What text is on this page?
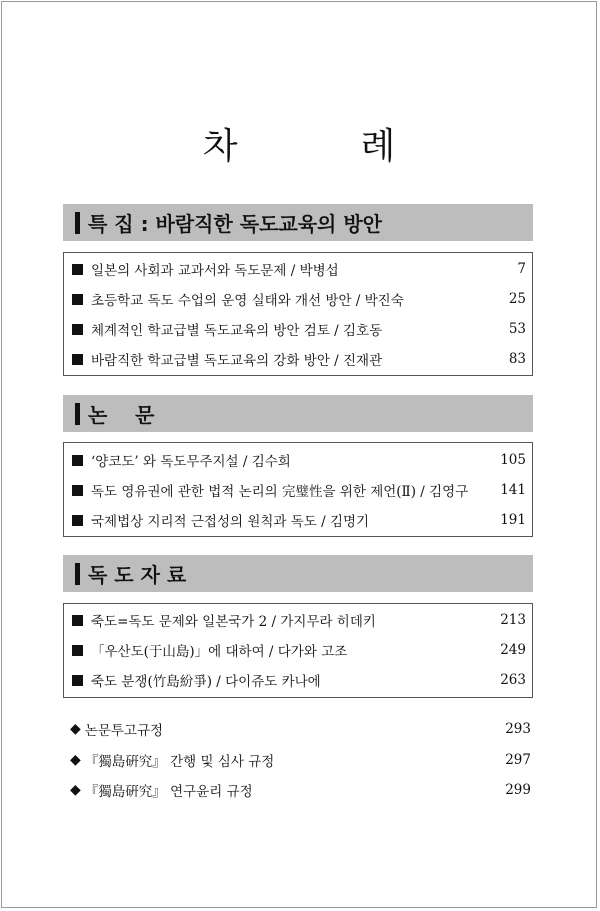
차         례
특 집 : 바람직한 독도교육의 방안
일본의 사회과 교과서와 독도문제 / 박병섭	7
초등학교 독도 수업의 운영 실태와 개선 방안 / 박진숙	25
체계적인 학교급별 독도교육의 방안 검토 / 김호동	53
바람직한 학교급별 독도교육의 강화 방안 / 진재관	83
논    문
‘양코도’ 와 독도무주지설 / 김수희	105
독도 영유권에 관한 법적 논리의 完璧性을 위한 제언(Ⅱ) / 김영구	141
국제법상 지리적 근접성의 원칙과 독도 / 김명기	191
독 도 자 료
죽도=독도 문제와 일본국가 2 / 가지무라 히데키	213
「우산도(于山島)」에 대하여 / 다가와 고조	249
죽도 분쟁(竹島紛爭) / 다이쥬도 카나에	263
◆ 논문투고규정	293
◆ 『獨島硏究』 간행 및 심사 규정	297
◆ 『獨島硏究』 연구윤리 규정	299
